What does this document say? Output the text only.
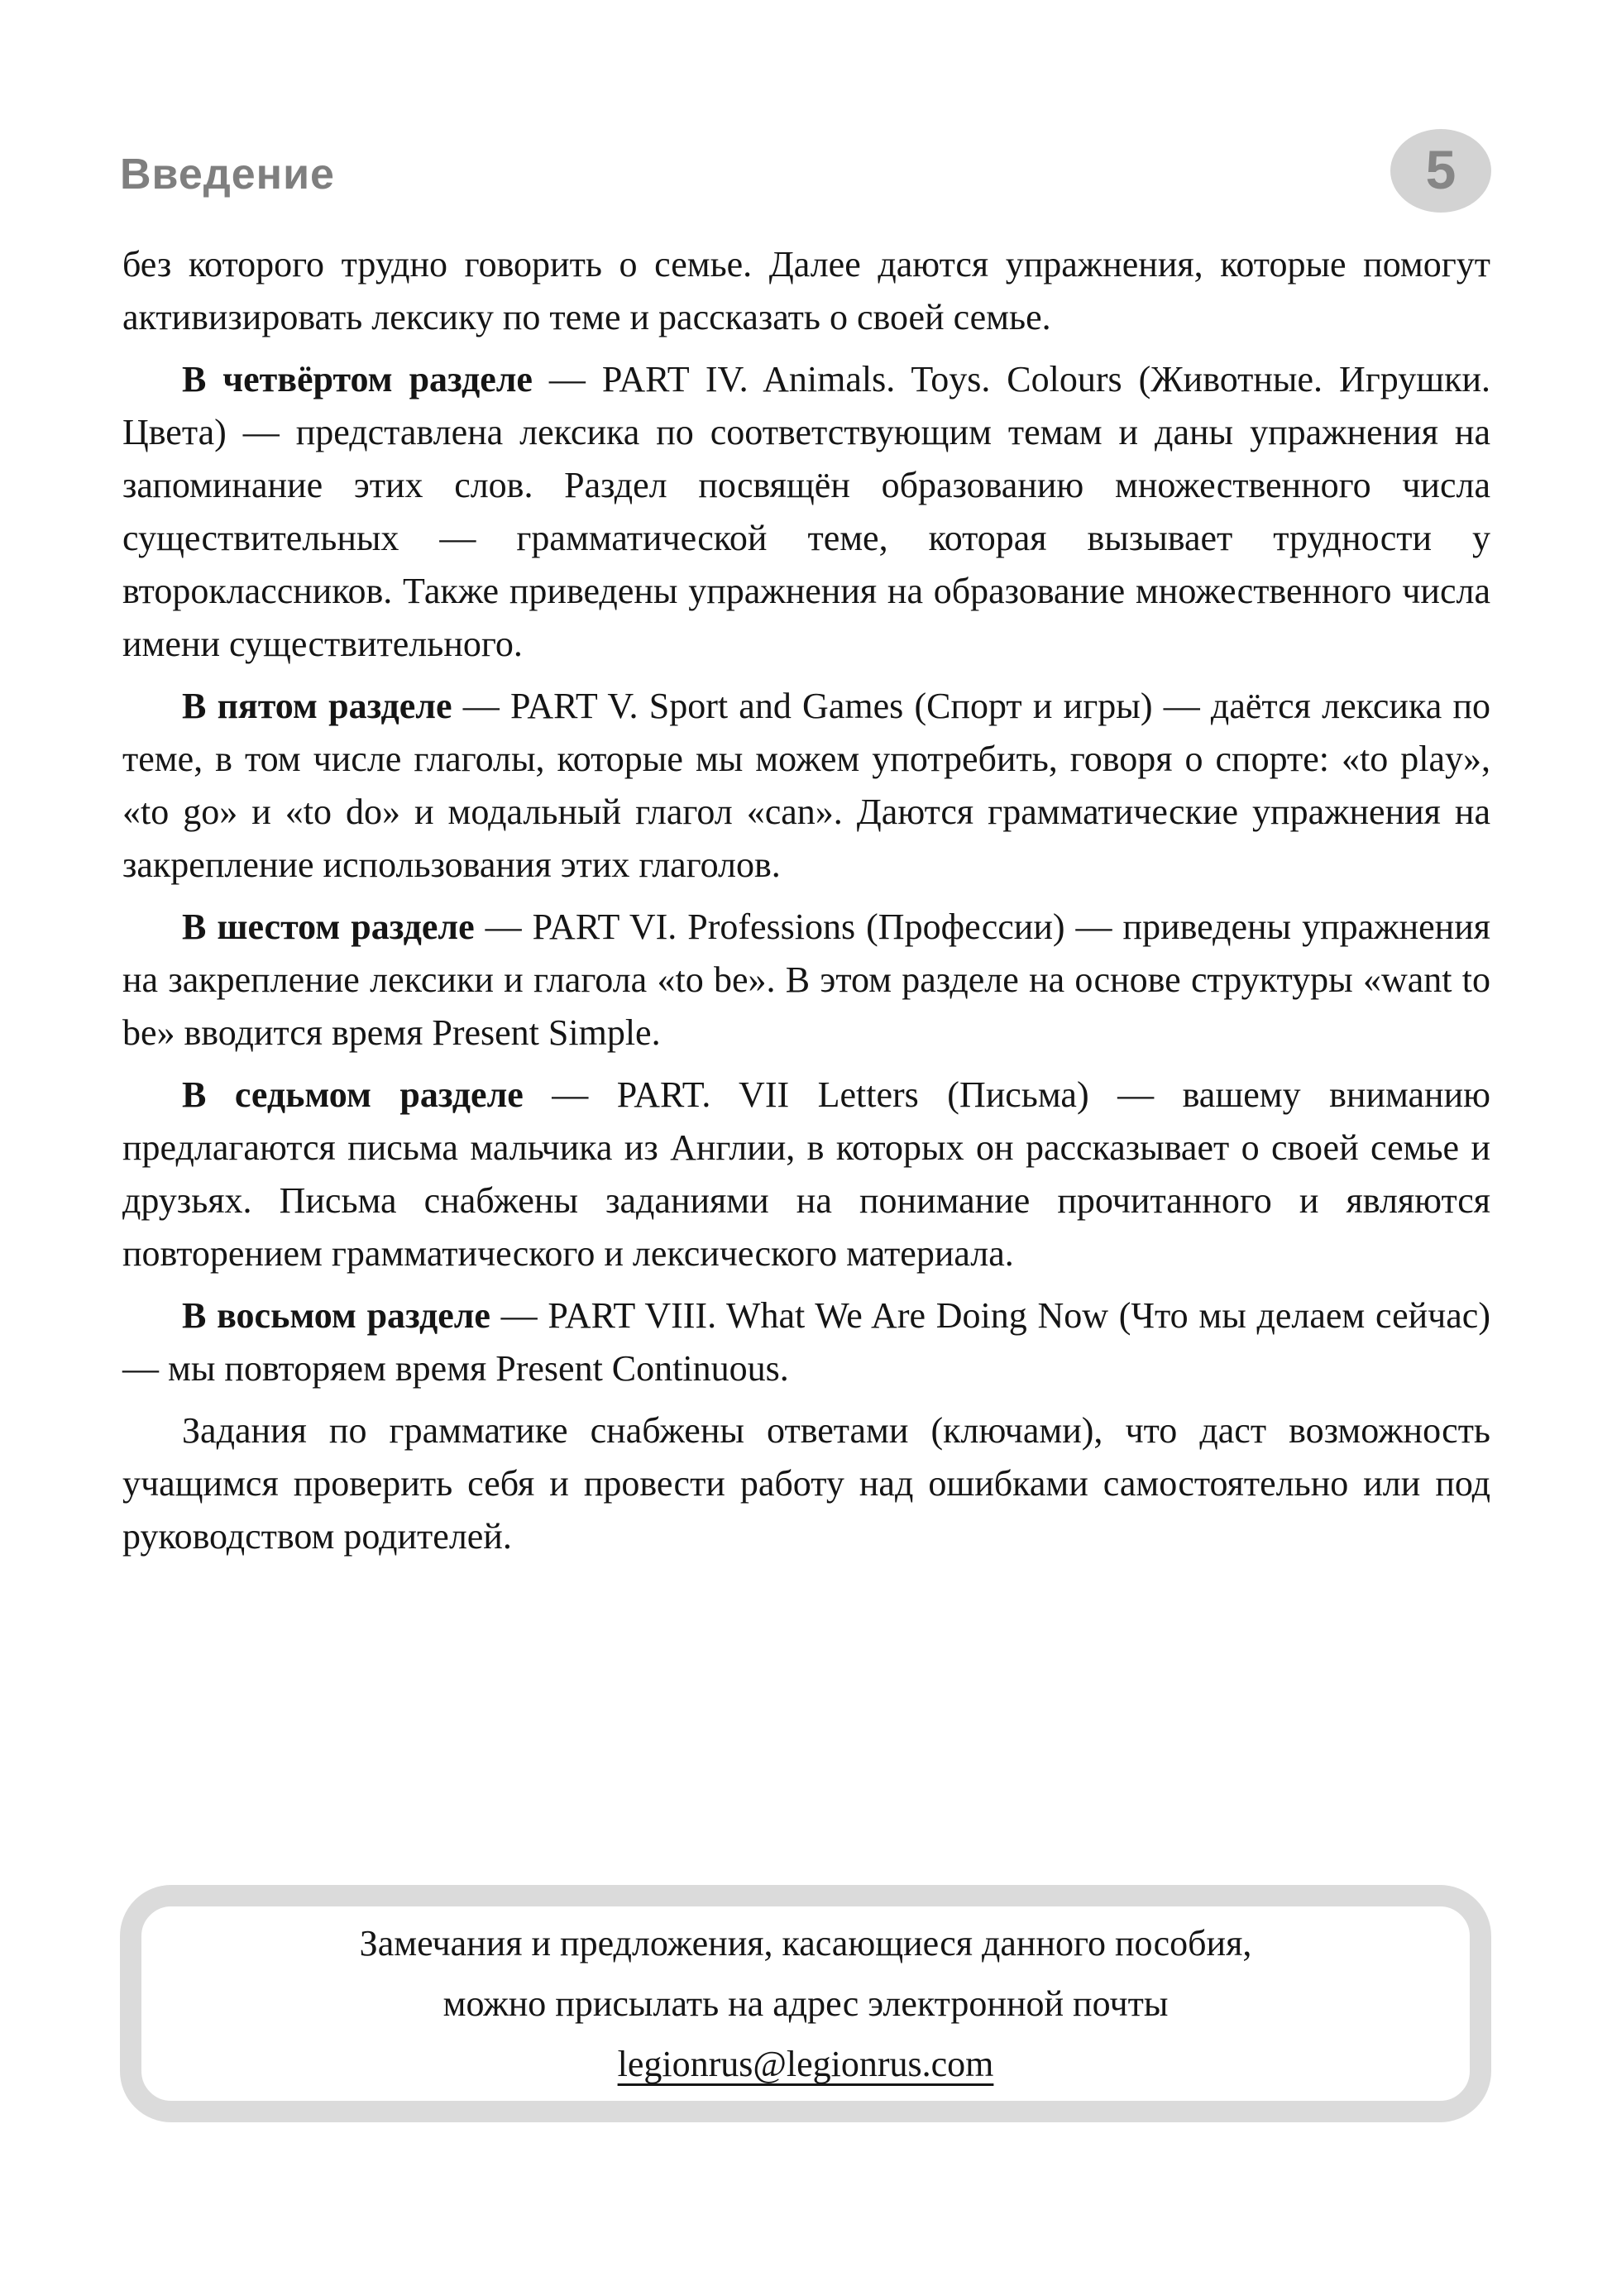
Введение	5

без которого трудно говорить о семье. Далее даются упражнения, которые помогут активизировать лексику по теме и рассказать о своей семье.

В четвёртом разделе — PART IV. Animals. Toys. Colours (Животные. Игрушки. Цвета) — представлена лексика по соответствующим темам и даны упражнения на запоминание этих слов. Раздел посвящён образованию множественного числа существительных — грамматической теме, которая вызывает трудности у второклассников. Также приведены упражнения на образование множественного числа имени существительного.

В пятом разделе — PART V. Sport and Games (Спорт и игры) — даётся лексика по теме, в том числе глаголы, которые мы можем употребить, говоря о спорте: «to play», «to go» и «to do» и модальный глагол «can». Даются грамматические упражнения на закрепление использования этих глаголов.

В шестом разделе — PART VI. Professions (Профессии) — приведены упражнения на закрепление лексики и глагола «to be». В этом разделе на основе структуры «want to be» вводится время Present Simple.

В седьмом разделе — PART. VII Letters (Письма) — вашему вниманию предлагаются письма мальчика из Англии, в которых он рассказывает о своей семье и друзьях. Письма снабжены заданиями на понимание прочитанного и являются повторением грамматического и лексического материала.

В восьмом разделе — PART VIII. What We Are Doing Now (Что мы делаем сейчас) — мы повторяем время Present Continuous.

Задания по грамматике снабжены ответами (ключами), что даст возможность учащимся проверить себя и провести работу над ошибками самостоятельно или под руководством родителей.

Замечания и предложения, касающиеся данного пособия,
можно присылать на адрес электронной почты
legionrus@legionrus.com
